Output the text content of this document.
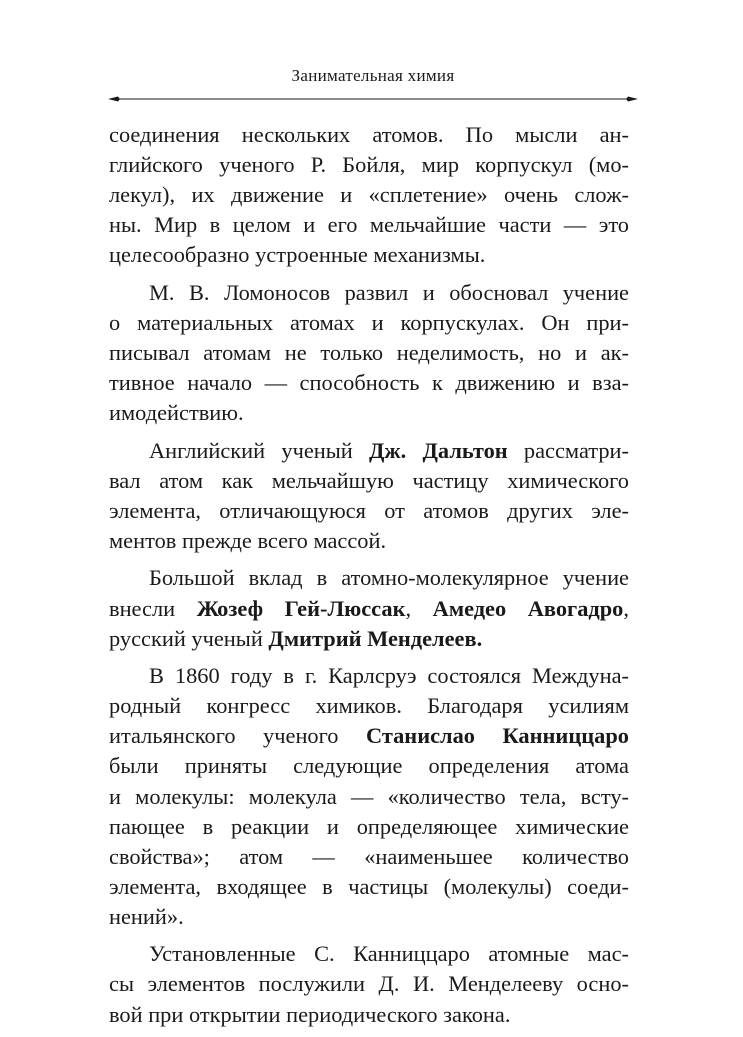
Занимательная химия

соединения нескольких атомов. По мысли ан-
глийского ученого Р. Бойля, мир корпускул (мо-
лекул), их движение и «сплетение» очень слож-
ны. Мир в целом и его мельчайшие части — это
целесообразно устроенные механизмы.

М. В. Ломоносов развил и обосновал учение
о материальных атомах и корпускулах. Он при-
писывал атомам не только неделимость, но и ак-
тивное начало — способность к движению и вза-
имодействию.

Английский ученый Дж. Дальтон рассматри-
вал атом как мельчайшую частицу химического
элемента, отличающуюся от атомов других эле-
ментов прежде всего массой.

Большой вклад в атомно-молекулярное учение
внесли Жозеф Гей-Люссак, Амедео Авогадро,
русский ученый Дмитрий Менделеев.

В 1860 году в г. Карлсруэ состоялся Междуна-
родный конгресс химиков. Благодаря усилиям
итальянского ученого Станислао Канниццаро
были приняты следующие определения атома
и молекулы: молекула — «количество тела, всту-
пающее в реакции и определяющее химические
свойства»; атом — «наименьшее количество
элемента, входящее в частицы (молекулы) соеди-
нений».

Установленные С. Канниццаро атомные мас-
сы элементов послужили Д. И. Менделееву осно-
вой при открытии периодического закона.
